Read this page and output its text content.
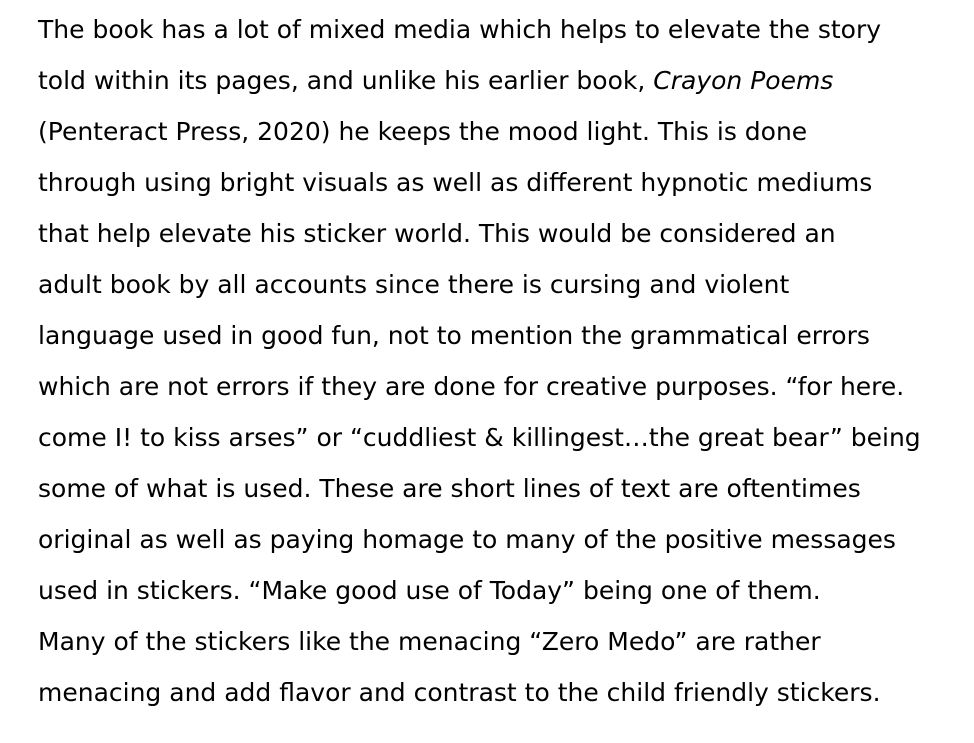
The book has a lot of mixed media which helps to elevate the story
told within its pages, and unlike his earlier book, Crayon Poems
(Penteract Press, 2020) he keeps the mood light. This is done
through using bright visuals as well as different hypnotic mediums
that help elevate his sticker world. This would be considered an
adult book by all accounts since there is cursing and violent
language used in good fun, not to mention the grammatical errors
which are not errors if they are done for creative purposes. “for here.
come I! to kiss arses” or “cuddliest & killingest…the great bear” being
some of what is used. These are short lines of text are oftentimes
original as well as paying homage to many of the positive messages
used in stickers. “Make good use of Today” being one of them.
Many of the stickers like the menacing “Zero Medo” are rather
menacing and add flavor and contrast to the child friendly stickers.
